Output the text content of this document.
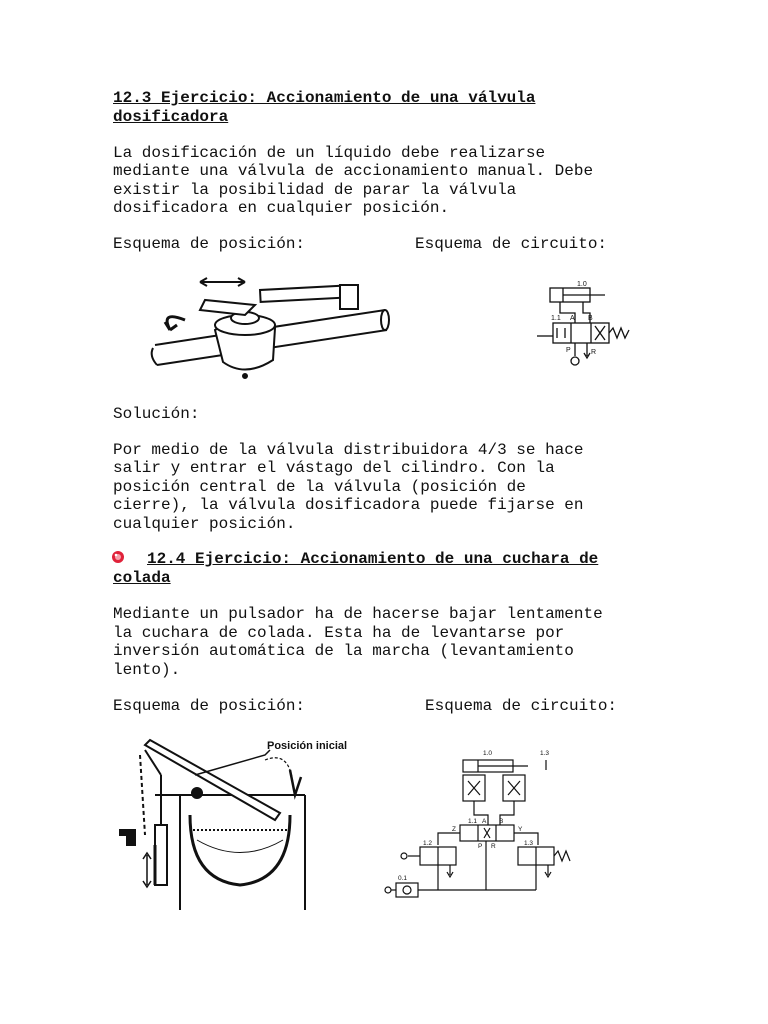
12.3 Ejercicio: Accionamiento de una válvula
dosificadora
La dosificación de un líquido debe realizarse
mediante una válvula de accionamiento manual. Debe
existir la posibilidad de parar la válvula
dosificadora en cualquier posición.
Esquema de posición:	Esquema de circuito:
1.0
1.1 A B
P	R
Solución:
Por medio de la válvula distribuidora 4/3 se hace
salir y entrar el vástago del cilindro. Con la
posición central de la válvula (posición de
cierre), la válvula dosificadora puede fijarse en
cualquier posición.
12.4 Ejercicio: Accionamiento de una cuchara de
colada
Mediante un pulsador ha de hacerse bajar lentamente
la cuchara de colada. Esta ha de levantarse por
inversión automática de la marcha (levantamiento
lento).
Esquema de posición:	Esquema de circuito:
Posición inicial
1.0	1.3
1.1 A B
Z	Y
P R
1.2	1.3
0.1
